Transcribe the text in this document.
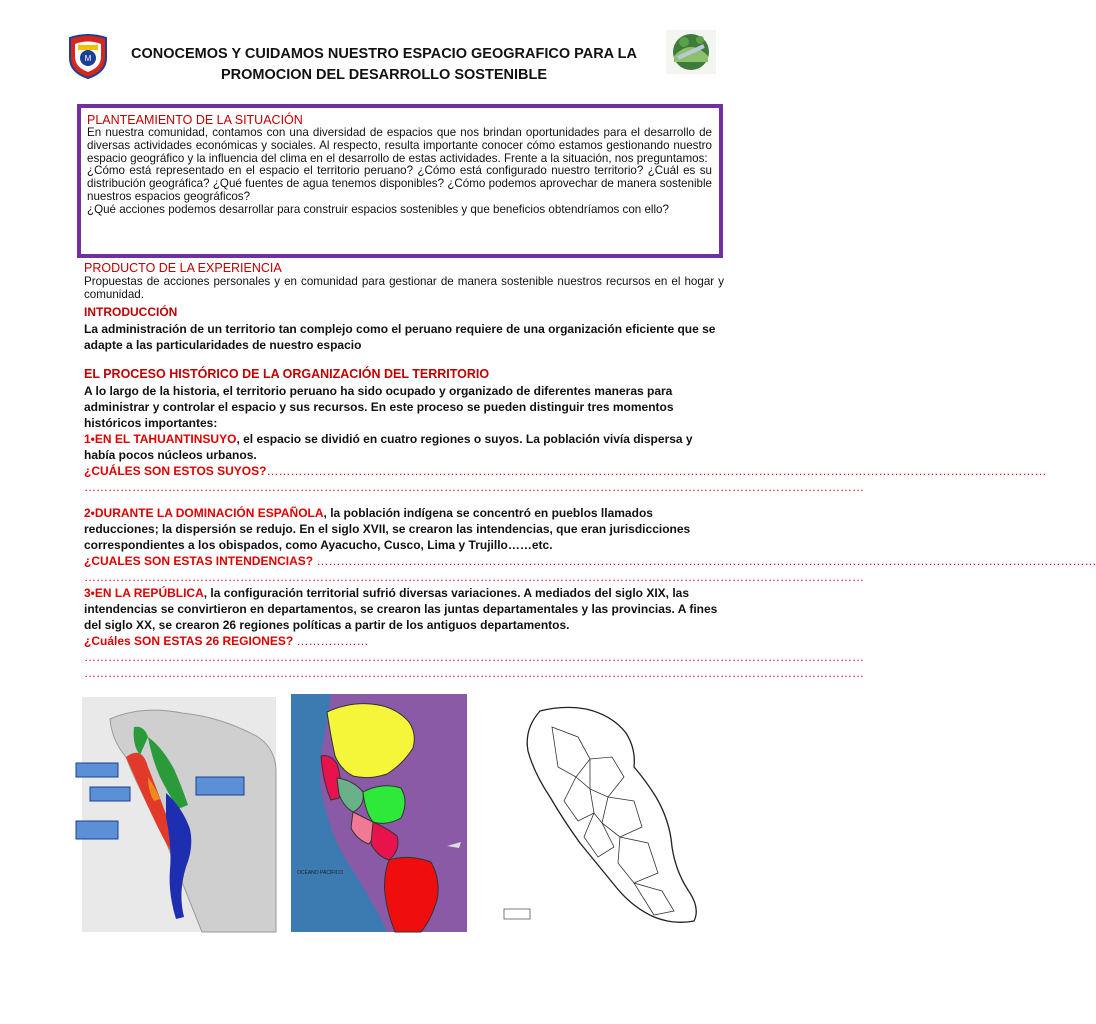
M	CONOCEMOS Y CUIDAMOS NUESTRO ESPACIO GEOGRAFICO PARA LA
PROMOCION DEL DESARROLLO SOSTENIBLE
PLANTEAMIENTO DE LA SITUACIÓN
En nuestra comunidad, contamos con una diversidad de espacios que nos brindan oportunidades para el desarrollo de diversas actividades económicas y sociales. Al respecto, resulta importante conocer cómo estamos gestionando nuestro espacio geográfico y la influencia del clima en el desarrollo de estas actividades. Frente a la situación, nos preguntamos:
¿Cómo está representado en el espacio el territorio peruano? ¿Cómo está configurado nuestro territorio? ¿Cuál es su distribución geográfica? ¿Qué fuentes de agua tenemos disponibles? ¿Cómo podemos aprovechar de manera sostenible nuestros espacios geográficos?
¿Qué acciones podemos desarrollar para construir espacios sostenibles y que beneficios obtendríamos con ello?
PRODUCTO DE LA EXPERIENCIA
Propuestas de acciones personales y en comunidad para gestionar de manera sostenible nuestros recursos en el hogar y comunidad.
INTRODUCCIÓN
La administración de un territorio tan complejo como el peruano requiere de una organización eficiente que se adapte a las particularidades de nuestro espacio
EL PROCESO HISTÓRICO DE LA ORGANIZACIÓN DEL TERRITORIO
A lo largo de la historia, el territorio peruano ha sido ocupado y organizado de diferentes maneras para administrar y controlar el espacio y sus recursos. En este proceso se pueden distinguir tres momentos históricos importantes:
1•EN EL TAHUANTINSUYO, el espacio se dividió en cuatro regiones o suyos. La población vivía dispersa y había pocos núcleos urbanos.
¿CUÁLES SON ESTOS SUYOS?……………………………………………………………………………………………………………………………………………………………………………
……………………………………………………………………………………………………………………………………………………………………………
2•DURANTE LA DOMINACIÓN ESPAÑOLA, la población indígena se concentró en pueblos llamados reducciones; la dispersión se redujo. En el siglo XVII, se crearon las intendencias, que eran jurisdicciones correspondientes a los obispados, como Ayacucho, Cusco, Lima y Trujillo……etc.
¿CUALES SON ESTAS INTENDENCIAS? ……………………………………………………………………………………………………………………………………………………………………………
……………………………………………………………………………………………………………………………………………………………………………
3•EN LA REPÚBLICA, la configuración territorial sufrió diversas variaciones. A mediados del siglo XIX, las intendencias se convirtieron en departamentos, se crearon las juntas departamentales y las provincias. A fines del siglo XX, se crearon 26 regiones políticas a partir de los antiguos departamentos.
¿Cuáles SON ESTAS 26 REGIONES? ………………
……………………………………………………………………………………………………………………………………………………………………………
……………………………………………………………………………………………………………………………………………………………………………
OCÉANO PACÍFICO
